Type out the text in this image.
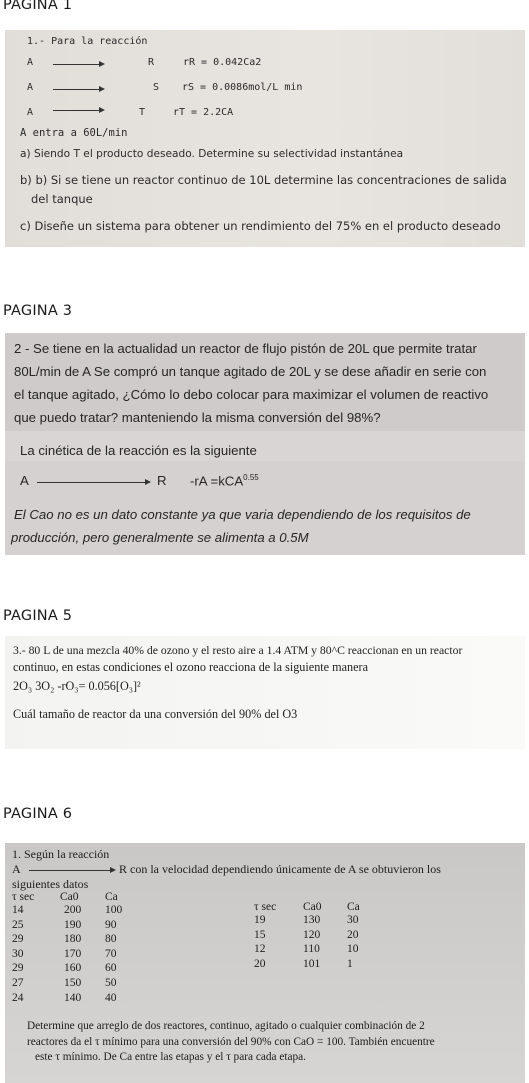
PAGINA 1
PAGINA 3
PAGINA 5
PAGINA 6
1.- Para la reacción
A →	R	rR = 0.042Ca2
A →	S rS = 0.0086mol/L min
A →	T	rT = 2.2CA
A entra a 60L/min
a) Siendo T el producto deseado. Determine su selectividad instantánea
b) b) Si se tiene un reactor continuo de 10L determine las concentraciones de salida
del tanque
c) Diseñe un sistema para obtener un rendimiento del 75% en el producto deseado
2 - Se tiene en la actualidad un reactor de flujo pistón de 20L que permite tratar
80L/min de A Se compró un tanque agitado de 20L y se dese añadir en serie con
el tanque agitado, ¿Cómo lo debo colocar para maximizar el volumen de reactivo
que puedo tratar? manteniendo la misma conversión del 98%?
La cinética de la reacción es la siguiente
A	R -rA =kCA$^{0.55}$
El Cao no es un dato constante ya que varia dependiendo de los requisitos de
producción, pero generalmente se alimenta a 0.5M
3.- 80 L de una mezcla 40% de ozono y el resto aire a 1.4 ATM y 80^C reaccionan en un reactor
continuo, en estas condiciones el ozono reacciona de la siguiente manera
2O₃ 3O₂ -rO₃= 0.056[O₃]²
Cuál tamaño de reactor da una conversión del 90% del O3
1. Según la reacción
A	R con la velocidad dependiendo únicamente de A se obtuvieron los
siguientes datos
τ sec Ca0 Ca
14	200 100
25	190 90
29	180 80
30	170 70
29	160 60
27	150 50
24	140 40
τ sec Ca0 Ca
19	130 30
15	120 20
12	110 10
20	101 1
Determine que arreglo de dos reactores, continuo, agitado o cualquier combinación de 2
reactores da el τ mínimo para una conversión del 90% con CaO = 100. También encuentre
este τ mínimo. De Ca entre las etapas y el τ para cada etapa.
